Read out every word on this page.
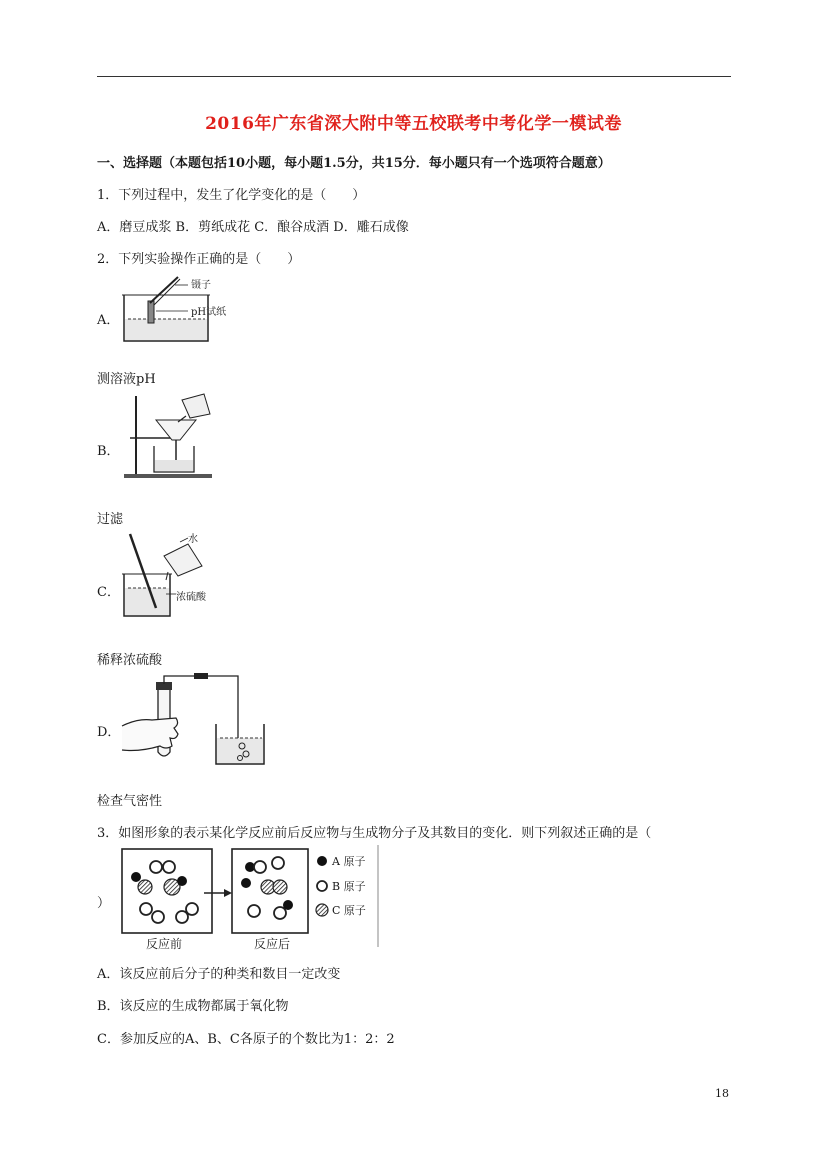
2016年广东省深大附中等五校联考中考化学一模试卷
一、选择题（本题包括10小题，每小题1.5分，共15分．每小题只有一个选项符合题意）
1．下列过程中，发生了化学变化的是（　　）
A．磨豆成浆 B．剪纸成花 C．酿谷成酒 D．雕石成像
2．下列实验操作正确的是（　　）
A．
镊子
pH试纸
测溶液pH
B．
过滤
C．
水
浓硫酸
稀释浓硫酸
D．
检查气密性
3．如图形象的表示某化学反应前后反应物与生成物分子及其数目的变化．则下列叙述正确的是（
）
反应前	反应后
A 原子
B 原子
C 原子
A．该反应前后分子的种类和数目一定改变
B．该反应的生成物都属于氧化物
C．参加反应的A、B、C各原子的个数比为1：2：2
18
